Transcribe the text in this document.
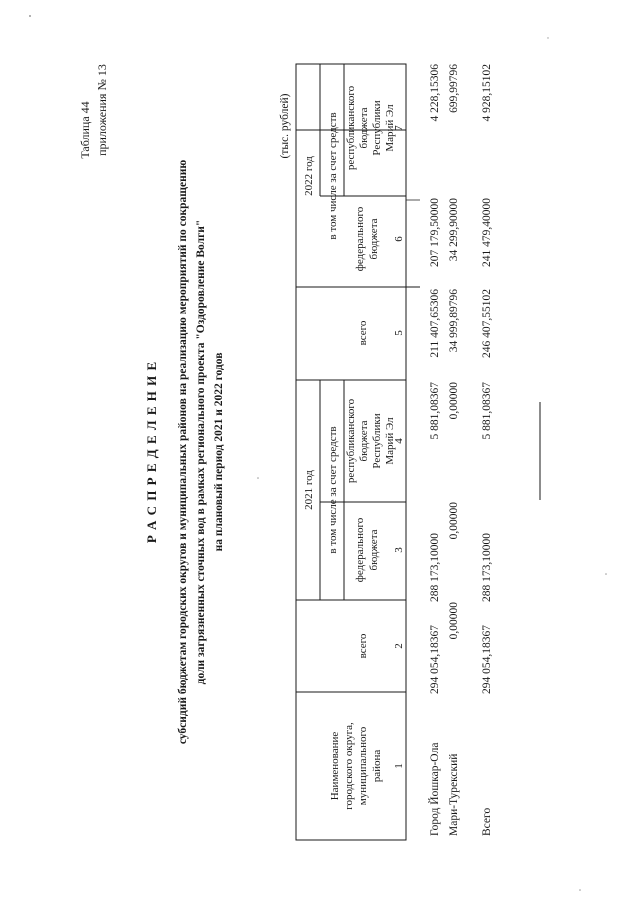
Таблица 44 приложения № 13
Р А С П Р Е Д Е Л Е Н И Е субсидий бюджетам городских округов и муниципальных районов на реализацию мероприятий по сокращению доли загрязненных сточных вод в рамках регионального проекта "Оздоровление Волги" на плановый период 2021 и 2022 годов
(тыс. рублей)
Наименование городского округа, муниципального района
2021 год
2022 год
в том числе за счет средств
в том числе за счет средств
всего
всего
федерального бюджета
республиканского бюджета Республики Марий Эл
федерального бюджета
республиканского бюджета Республики Марий Эл
1
2
3
4
5
6
7
Город Йошкар-Ола
294 054,18367
288 173,10000
5 881,08367
211 407,65306
207 179,50000
4 228,15306
Мари-Турекский
0,00000
0,00000
0,00000
34 999,89796
34 299,90000
699,99796
Всего
294 054,18367
288 173,10000
5 881,08367
246 407,55102
241 479,40000
4 928,15102
